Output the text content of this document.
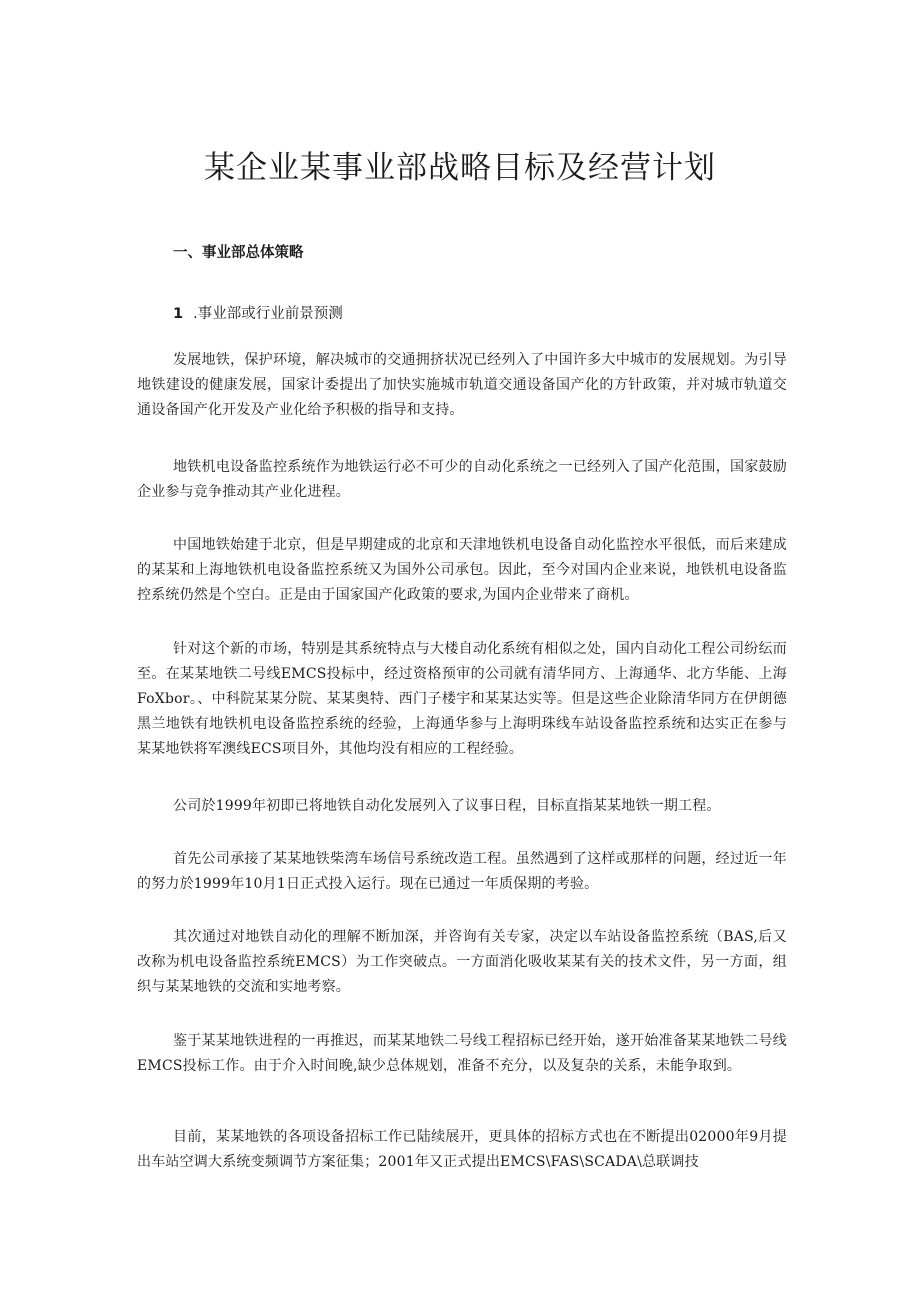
某企业某事业部战略目标及经营计划
一、事业部总体策略
1 .事业部或行业前景预测

发展地铁，保护环境，解决城市的交通拥挤状况已经列入了中国许多大中城市的发展规划。为引导地铁建设的健康发展，国家计委提出了加快实施城市轨道交通设备国产化的方针政策，并对城市轨道交通设备国产化开发及产业化给予积极的指导和支持。

地铁机电设备监控系统作为地铁运行必不可少的自动化系统之一已经列入了国产化范围，国家鼓励企业参与竞争推动其产业化进程。

中国地铁始建于北京，但是早期建成的北京和天津地铁机电设备自动化监控水平很低，而后来建成的某某和上海地铁机电设备监控系统又为国外公司承包。因此，至今对国内企业来说，地铁机电设备监控系统仍然是个空白。正是由于国家国产化政策的要求,为国内企业带来了商机。

针对这个新的市场，特别是其系统特点与大楼自动化系统有相似之处，国内自动化工程公司纷纭而至。在某某地铁二号线EMCS投标中，经过资格预审的公司就有清华同方、上海通华、北方华能、上海FoXbor。、中科院某某分院、某某奥特、西门子楼宇和某某达实等。但是这些企业除清华同方在伊朗德黑兰地铁有地铁机电设备监控系统的经验，上海通华参与上海明珠线车站设备监控系统和达实正在参与某某地铁将军澳线ECS项目外，其他均没有相应的工程经验。

公司於1999年初即已将地铁自动化发展列入了议事日程，目标直指某某地铁一期工程。

首先公司承接了某某地铁柴湾车场信号系统改造工程。虽然遇到了这样或那样的问题，经过近一年的努力於1999年10月1日正式投入运行。现在已通过一年质保期的考验。

其次通过对地铁自动化的理解不断加深，并咨询有关专家，决定以车站设备监控系统（BAS,后又改称为机电设备监控系统EMCS）为工作突破点。一方面消化吸收某某有关的技术文件，另一方面，组织与某某地铁的交流和实地考察。

鉴于某某地铁进程的一再推迟，而某某地铁二号线工程招标已经开始，遂开始准备某某地铁二号线EMCS投标工作。由于介入时间晚,缺少总体规划，准备不充分，以及复杂的关系，未能争取到。

目前，某某地铁的各项设备招标工作已陆续展开，更具体的招标方式也在不断提出02000年9月提出车站空调大系统变频调节方案征集；2001年又正式提出EMCS\FAS\SCADA\总联调技
